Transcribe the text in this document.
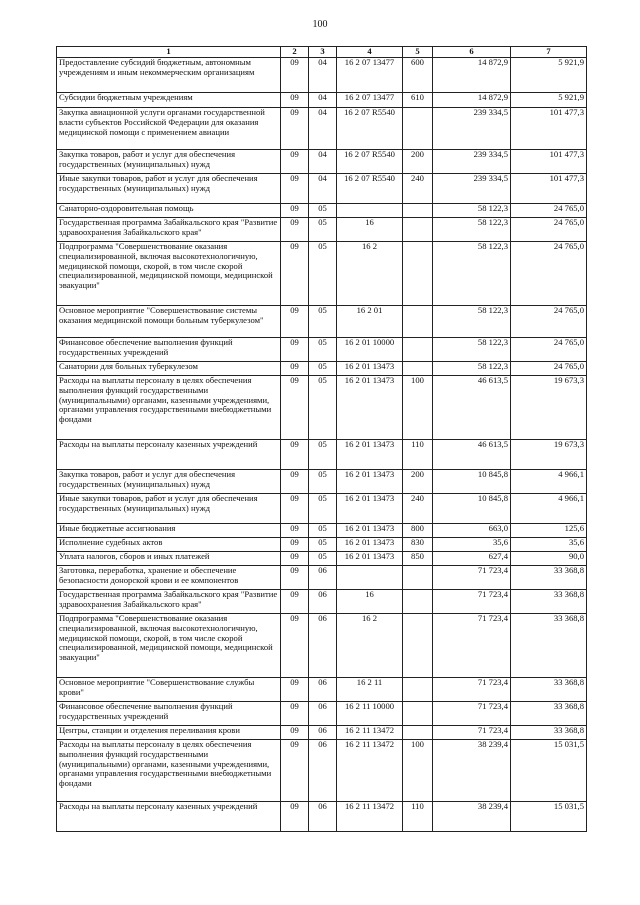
100
1	2	3	4	5	6	7
Предоставление субсидий бюджетным, автономным учреждениям и иным некоммерческим организациям	09	04	16 2 07 13477	600	14 872,9	5 921,9
Субсидии бюджетным учреждениям	09	04	16 2 07 13477	610	14 872,9	5 921,9
Закупка авиационной услуги органами государственной власти субъектов Российской Федерации для оказания медицинской помощи с применением авиации	09	04	16 2 07 R5540		239 334,5	101 477,3
Закупка товаров, работ и услуг для обеспечения государственных (муниципальных) нужд	09	04	16 2 07 R5540	200	239 334,5	101 477,3
Иные закупки товаров, работ и услуг для обеспечения государственных (муниципальных) нужд	09	04	16 2 07 R5540	240	239 334,5	101 477,3
Санаторно-оздоровительная помощь	09	05			58 122,3	24 765,0
Государственная программа Забайкальского края "Развитие здравоохранения Забайкальского края"	09	05	16		58 122,3	24 765,0
Подпрограмма "Совершенствование оказания специализированной, включая высокотехнологичную, медицинской помощи, скорой, в том числе скорой специализированной, медицинской помощи, медицинской эвакуации"	09	05	16 2		58 122,3	24 765,0
Основное мероприятие "Совершенствование системы оказания медицинской помощи больным туберкулезом"	09	05	16 2 01		58 122,3	24 765,0
Финансовое обеспечение выполнения функций государственных учреждений	09	05	16 2 01 10000		58 122,3	24 765,0
Санатории для больных туберкулезом	09	05	16 2 01 13473		58 122,3	24 765,0
Расходы на выплаты персоналу в целях обеспечения выполнения функций государственными (муниципальными) органами, казенными учреждениями, органами управления государственными внебюджетными фондами	09	05	16 2 01 13473	100	46 613,5	19 673,3
Расходы на выплаты персоналу казенных учреждений	09	05	16 2 01 13473	110	46 613,5	19 673,3
Закупка товаров, работ и услуг для обеспечения государственных (муниципальных) нужд	09	05	16 2 01 13473	200	10 845,8	4 966,1
Иные закупки товаров, работ и услуг для обеспечения государственных (муниципальных) нужд	09	05	16 2 01 13473	240	10 845,8	4 966,1
Иные бюджетные ассигнования	09	05	16 2 01 13473	800	663,0	125,6
Исполнение судебных актов	09	05	16 2 01 13473	830	35,6	35,6
Уплата налогов, сборов и иных платежей	09	05	16 2 01 13473	850	627,4	90,0
Заготовка, переработка, хранение и обеспечение безопасности донорской крови и ее компонентов	09	06			71 723,4	33 368,8
Государственная программа Забайкальского края "Развитие здравоохранения Забайкальского края"	09	06	16		71 723,4	33 368,8
Подпрограмма "Совершенствование оказания специализированной, включая высокотехнологичную, медицинской помощи, скорой, в том числе скорой специализированной, медицинской помощи, медицинской эвакуации"	09	06	16 2		71 723,4	33 368,8
Основное мероприятие "Совершенствование службы крови"	09	06	16 2 11		71 723,4	33 368,8
Финансовое обеспечение выполнения функций государственных учреждений	09	06	16 2 11 10000		71 723,4	33 368,8
Центры, станции и отделения переливания крови	09	06	16 2 11 13472		71 723,4	33 368,8
Расходы на выплаты персоналу в целях обеспечения выполнения функций государственными (муниципальными) органами, казенными учреждениями, органами управления государственными внебюджетными фондами	09	06	16 2 11 13472	100	38 239,4	15 031,5
Расходы на выплаты персоналу казенных учреждений	09	06	16 2 11 13472	110	38 239,4	15 031,5
